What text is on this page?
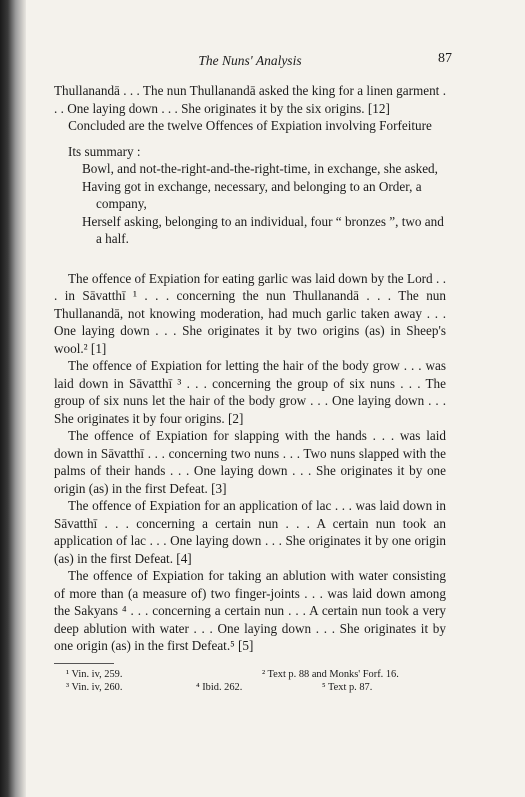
The Nuns' Analysis	87

Thullanandā . . . The nun Thullanandā asked the king for a linen garment . . . One laying down . . . She originates it by the six origins. [12]

Concluded are the twelve Offences of Expiation involving Forfeiture

Its summary :

Bowl, and not-the-right-and-the-right-time, in exchange, she asked,

Having got in exchange, necessary, and belonging to an Order, a company,

Herself asking, belonging to an individual, four “ bronzes ”, two and a half.

The offence of Expiation for eating garlic was laid down by the Lord . . . in Sāvatthī ¹ . . . concerning the nun Thullanandā . . . The nun Thullanandā, not knowing moderation, had much garlic taken away . . . One laying down . . . She originates it by two origins (as) in Sheep's wool.² [1]

The offence of Expiation for letting the hair of the body grow . . . was laid down in Sāvatthī ³ . . . concerning the group of six nuns . . . The group of six nuns let the hair of the body grow . . . One laying down . . . She originates it by four origins. [2]

The offence of Expiation for slapping with the hands . . . was laid down in Sāvatthī . . . concerning two nuns . . . Two nuns slapped with the palms of their hands . . . One laying down . . . She originates it by one origin (as) in the first Defeat. [3]

The offence of Expiation for an application of lac . . . was laid down in Sāvatthī . . . concerning a certain nun . . . A certain nun took an application of lac . . . One laying down . . . She originates it by one origin (as) in the first Defeat. [4]

The offence of Expiation for taking an ablution with water consisting of more than (a measure of) two finger-joints . . . was laid down among the Sakyans ⁴ . . . concerning a certain nun . . . A certain nun took a very deep ablution with water . . . One laying down . . . She originates it by one origin (as) in the first Defeat.⁵ [5]

¹ Vin. iv, 259.	² Text p. 88 and Monks' Forf. 16.
³ Vin. iv, 260.	⁴ Ibid. 262.	⁵ Text p. 87.
